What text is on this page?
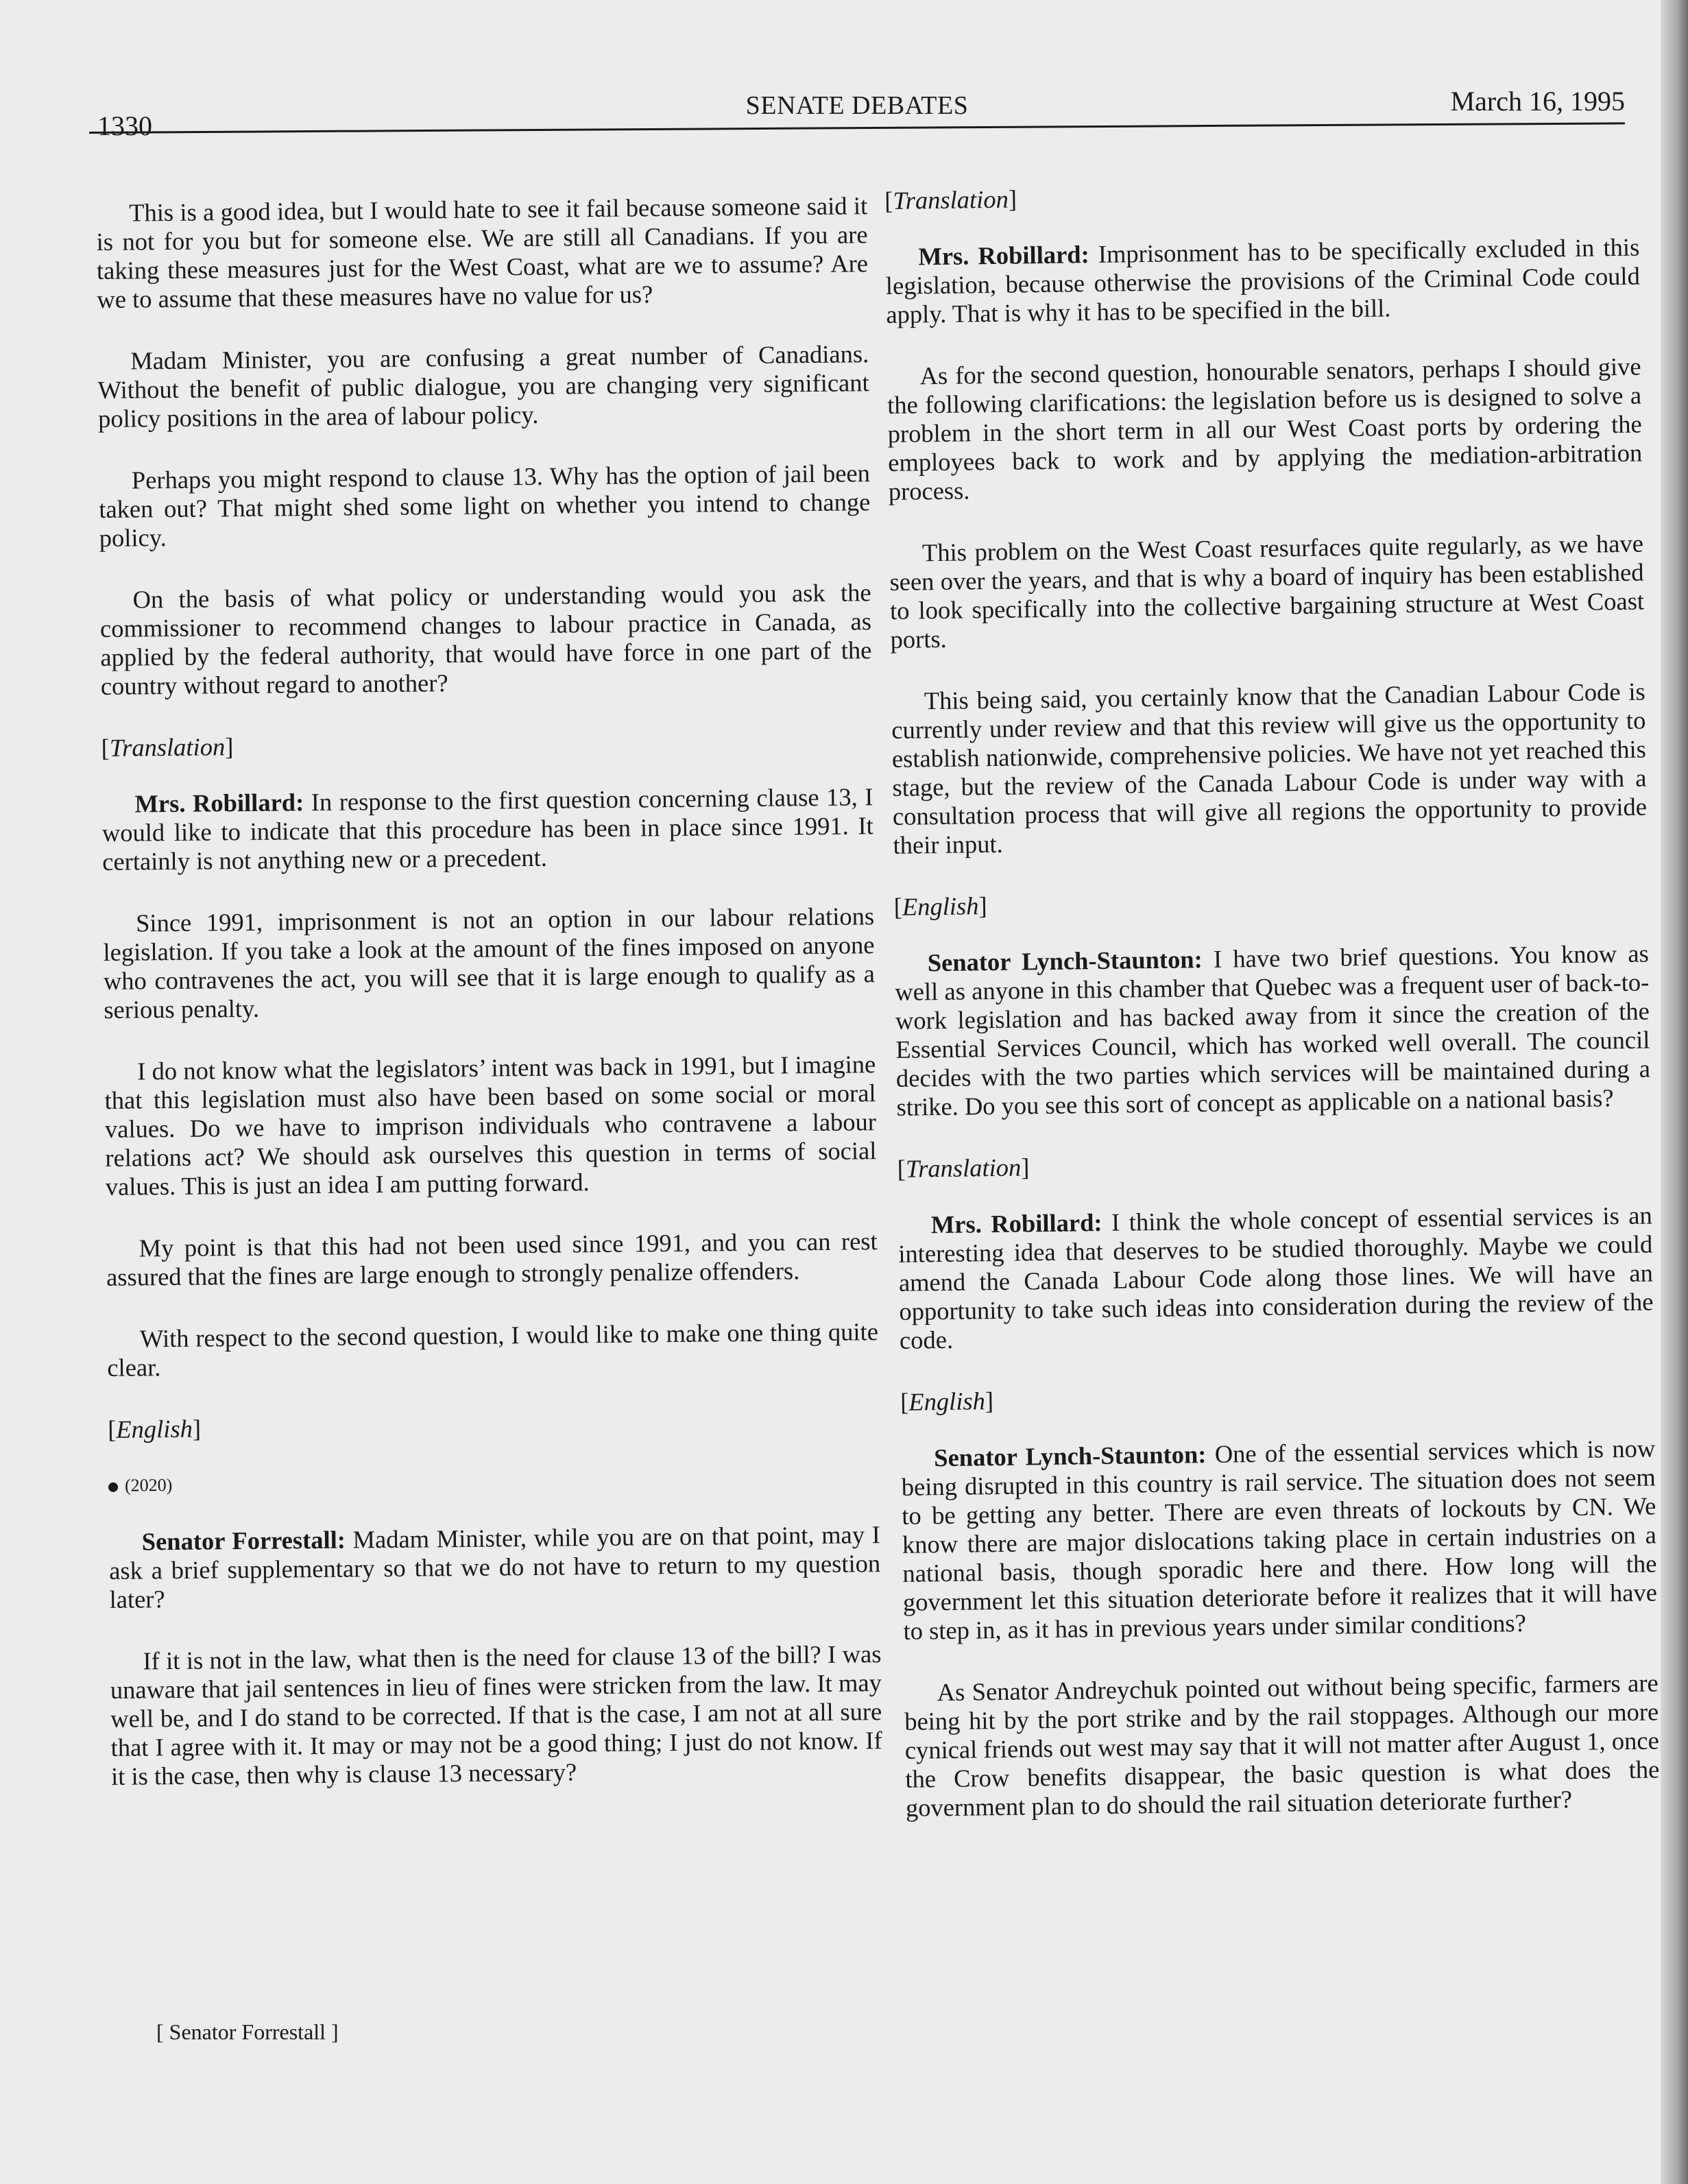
1330
SENATE DEBATES	March 16, 1995

This is a good idea, but I would hate to see it fail because someone said it is not for you but for someone else. We are still all Canadians. If you are taking these measures just for the West Coast, what are we to assume? Are we to assume that these measures have no value for us?

Madam Minister, you are confusing a great number of Canadians. Without the benefit of public dialogue, you are changing very significant policy positions in the area of labour policy.

Perhaps you might respond to clause 13. Why has the option of jail been taken out? That might shed some light on whether you intend to change policy.

On the basis of what policy or understanding would you ask the commissioner to recommend changes to labour practice in Canada, as applied by the federal authority, that would have force in one part of the country without regard to another?

[Translation]

Mrs. Robillard: In response to the first question concerning clause 13, I would like to indicate that this procedure has been in place since 1991. It certainly is not anything new or a precedent.

Since 1991, imprisonment is not an option in our labour relations legislation. If you take a look at the amount of the fines imposed on anyone who contravenes the act, you will see that it is large enough to qualify as a serious penalty.

I do not know what the legislators’ intent was back in 1991, but I imagine that this legislation must also have been based on some social or moral values. Do we have to imprison individuals who contravene a labour relations act? We should ask ourselves this question in terms of social values. This is just an idea I am putting forward.

My point is that this had not been used since 1991, and you can rest assured that the fines are large enough to strongly penalize offenders.

With respect to the second question, I would like to make one thing quite clear.

[English]

(2020)

Senator Forrestall: Madam Minister, while you are on that point, may I ask a brief supplementary so that we do not have to return to my question later?

If it is not in the law, what then is the need for clause 13 of the bill? I was unaware that jail sentences in lieu of fines were stricken from the law. It may well be, and I do stand to be corrected. If that is the case, I am not at all sure that I agree with it. It may or may not be a good thing; I just do not know. If it is the case, then why is clause 13 necessary?

[Translation]

Mrs. Robillard: Imprisonment has to be specifically excluded in this legislation, because otherwise the provisions of the Criminal Code could apply. That is why it has to be specified in the bill.

As for the second question, honourable senators, perhaps I should give the following clarifications: the legislation before us is designed to solve a problem in the short term in all our West Coast ports by ordering the employees back to work and by applying the mediation-arbitration process.

This problem on the West Coast resurfaces quite regularly, as we have seen over the years, and that is why a board of inquiry has been established to look specifically into the collective bargaining structure at West Coast ports.

This being said, you certainly know that the Canadian Labour Code is currently under review and that this review will give us the opportunity to establish nationwide, comprehensive policies. We have not yet reached this stage, but the review of the Canada Labour Code is under way with a consultation process that will give all regions the opportunity to provide their input.

[English]

Senator Lynch-Staunton: I have two brief questions. You know as well as anyone in this chamber that Quebec was a frequent user of back-to-work legislation and has backed away from it since the creation of the Essential Services Council, which has worked well overall. The council decides with the two parties which services will be maintained during a strike. Do you see this sort of concept as applicable on a national basis?

[Translation]

Mrs. Robillard: I think the whole concept of essential services is an interesting idea that deserves to be studied thoroughly. Maybe we could amend the Canada Labour Code along those lines. We will have an opportunity to take such ideas into consideration during the review of the code.

[English]

Senator Lynch-Staunton: One of the essential services which is now being disrupted in this country is rail service. The situation does not seem to be getting any better. There are even threats of lockouts by CN. We know there are major dislocations taking place in certain industries on a national basis, though sporadic here and there. How long will the government let this situation deteriorate before it realizes that it will have to step in, as it has in previous years under similar conditions?

As Senator Andreychuk pointed out without being specific, farmers are being hit by the port strike and by the rail stoppages. Although our more cynical friends out west may say that it will not matter after August 1, once the Crow benefits disappear, the basic question is what does the government plan to do should the rail situation deteriorate further?

[ Senator Forrestall ]
